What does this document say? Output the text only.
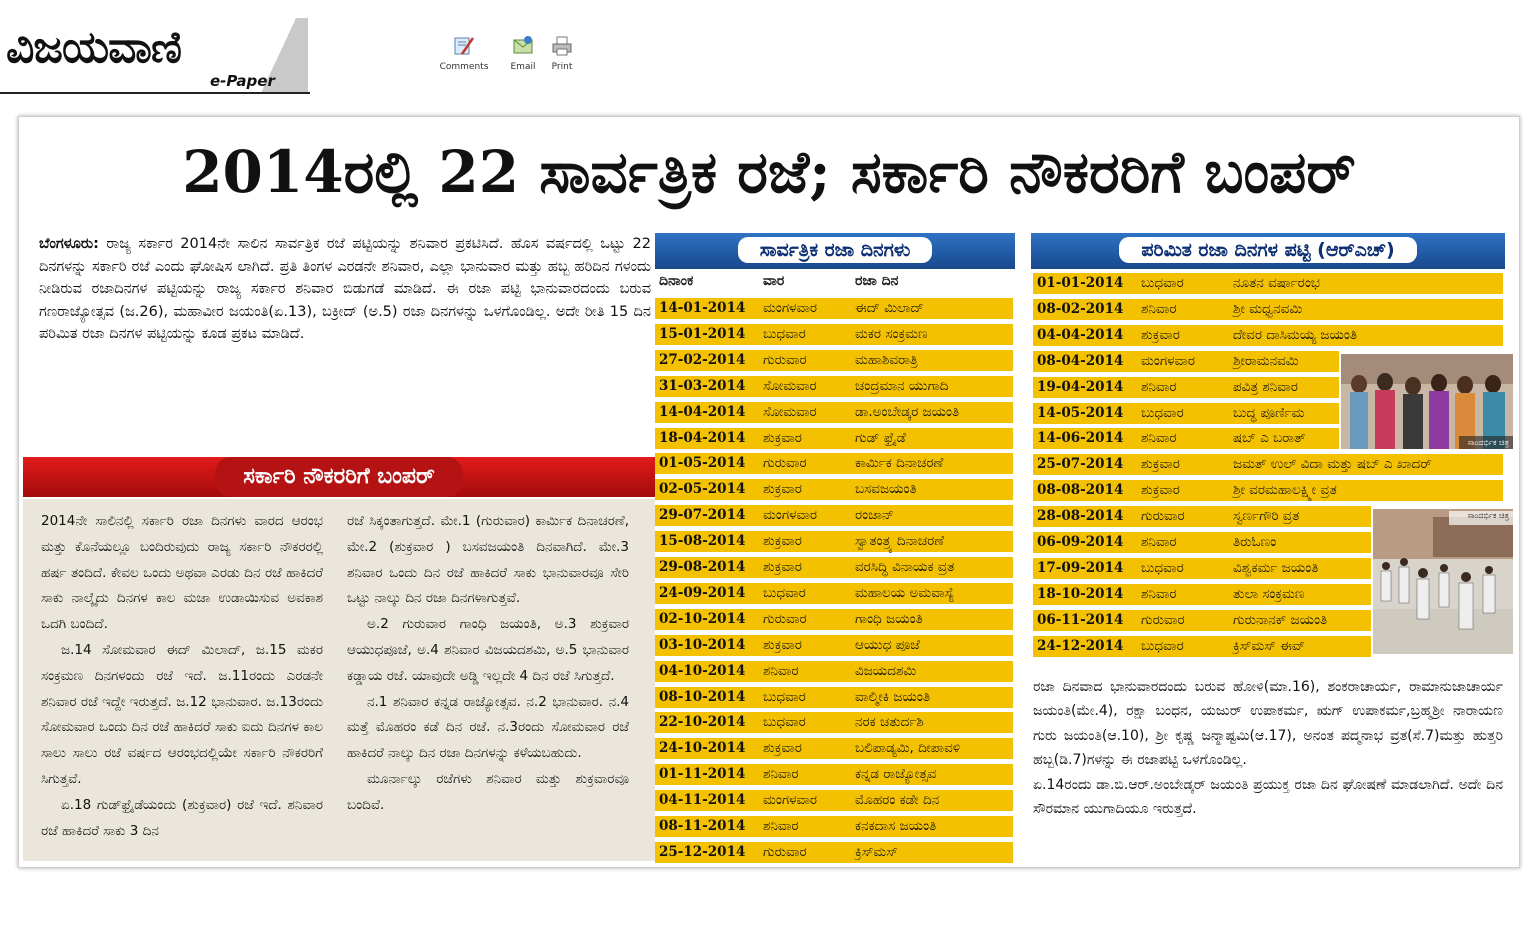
ವಿಜಯವಾಣಿ
e-Paper
Comments	Email	Print
2014ರಲ್ಲಿ 22 ಸಾರ್ವತ್ರಿಕ ರಜೆ; ಸರ್ಕಾರಿ ನೌಕರರಿಗೆ ಬಂಪರ್
ಬೆಂಗಳೂರು: ರಾಜ್ಯ ಸರ್ಕಾರ 2014ನೇ ಸಾಲಿನ ಸಾರ್ವತ್ರಿಕ ರಜೆ ಪಟ್ಟಿಯನ್ನು ಶನಿವಾರ ಪ್ರಕಟಿಸಿದೆ. ಹೊಸ ವರ್ಷದಲ್ಲಿ ಒಟ್ಟು 22 ದಿನಗಳನ್ನು ಸರ್ಕಾರಿ ರಜೆ ಎಂದು ಘೋಷಿಸ ಲಾಗಿದೆ. ಪ್ರತಿ ತಿಂಗಳ ಎರಡನೇ ಶನಿವಾರ, ಎಲ್ಲಾ ಭಾನುವಾರ ಮತ್ತು ಹಬ್ಬ ಹರಿದಿನ ಗಳಂದು ನೀಡಿರುವ ರಜಾದಿನಗಳ ಪಟ್ಟಿಯನ್ನು ರಾಜ್ಯ ಸರ್ಕಾರ ಶನಿವಾರ ಬಿಡುಗಡೆ ಮಾಡಿದೆ. ಈ ರಜಾ ಪಟ್ಟಿ ಭಾನುವಾರದಂದು ಬರುವ ಗಣರಾಜ್ಯೋತ್ಸವ (ಜ.26), ಮಹಾವೀರ ಜಯಂತಿ(ಏ.13), ಬಕ್ರೀದ್ (ಅ.5) ರಜಾ ದಿನಗಳನ್ನು ಒಳಗೊಂಡಿಲ್ಲ. ಅದೇ ರೀತಿ 15 ದಿನ ಪರಿಮಿತ ರಜಾ ದಿನಗಳ ಪಟ್ಟಿಯನ್ನು ಕೂಡ ಪ್ರಕಟ ಮಾಡಿದೆ.
ಸರ್ಕಾರಿ ನೌಕರರಿಗೆ ಬಂಪರ್

2014ನೇ ಸಾಲಿನಲ್ಲಿ ಸರ್ಕಾರಿ ರಜಾ ದಿನಗಳು ವಾರದ ಆರಂಭ ಮತ್ತು ಕೊನೆಯಲ್ಲೂ ಬಂದಿರುವುದು ರಾಜ್ಯ ಸರ್ಕಾರಿ ನೌಕರರಲ್ಲಿ ಹರ್ಷ ತಂದಿದೆ. ಕೇವಲ ಒಂದು ಅಥವಾ ಎರಡು ದಿನ ರಜೆ ಹಾಕಿದರೆ ಸಾಕು ನಾಲ್ಕೈದು ದಿನಗಳ ಕಾಲ ಮಜಾ ಉಡಾಯಿಸುವ ಅವಕಾಶ ಒದಗಿ ಬಂದಿದೆ.

ಜ.14 ಸೋಮವಾರ ಈದ್ ಮಿಲಾದ್, ಜ.15 ಮಕರ ಸಂಕ್ರಮಣ ದಿನಗಳಂದು ರಜೆ ಇದೆ. ಜ.11ರಂದು ಎರಡನೇ ಶನಿವಾರ ರಜೆ ಇದ್ದೇ ಇರುತ್ತದೆ. ಜ.12 ಭಾನುವಾರ. ಜ.13ರಂದು ಸೋಮವಾರ ಒಂದು ದಿನ ರಜೆ ಹಾಕಿದರೆ ಸಾಕು ಐದು ದಿನಗಳ ಕಾಲ ಸಾಲು ಸಾಲು ರಜೆ ವರ್ಷದ ಆರಂಭದಲ್ಲಿಯೇ ಸರ್ಕಾರಿ ನೌಕರರಿಗೆ ಸಿಗುತ್ತವೆ.

ಏ.18 ಗುಡ್‌ಫ್ರೈಡೆಯಂದು (ಶುಕ್ರವಾರ) ರಜೆ ಇದೆ. ಶನಿವಾರ ರಜೆ ಹಾಕಿದರೆ ಸಾಕು 3 ದಿನ

ರಜೆ ಸಿಕ್ಕಂತಾಗುತ್ತದೆ. ಮೇ.1 (ಗುರುವಾರ) ಕಾರ್ಮಿಕ ದಿನಾಚರಣೆ, ಮೇ.2 (ಶುಕ್ರವಾರ ) ಬಸವಜಯಂತಿ ದಿನವಾಗಿದೆ. ಮೇ.3 ಶನಿವಾರ ಒಂದು ದಿನ ರಜೆ ಹಾಕಿದರೆ ಸಾಕು ಭಾನುವಾರವೂ ಸೇರಿ ಒಟ್ಟು ನಾಲ್ಕು ದಿನ ರಜಾ ದಿನಗಳಾಗುತ್ತವೆ.

ಅ.2 ಗುರುವಾರ ಗಾಂಧಿ ಜಯಂತಿ, ಅ.3 ಶುಕ್ರವಾರ ಆಯುಧಪೂಜೆ, ಅ.4 ಶನಿವಾರ ವಿಜಯದಶಮಿ, ಅ.5 ಭಾನುವಾರ ಕಡ್ಡಾಯ ರಜೆ. ಯಾವುದೇ ಅಡ್ಡಿ ಇಲ್ಲದೇ 4 ದಿನ ರಜೆ ಸಿಗುತ್ತದೆ.

ನ.1 ಶನಿವಾರ ಕನ್ನಡ ರಾಜ್ಯೋತ್ಸವ. ನ.2 ಭಾನುವಾರ. ನ.4 ಮತ್ತೆ ಮೊಹರಂ ಕಡೆ ದಿನ ರಜೆ. ನ.3ರಂದು ಸೋಮವಾರ ರಜೆ ಹಾಕಿದರೆ ನಾಲ್ಕು ದಿನ ರಜಾ ದಿನಗಳನ್ನು ಕಳೆಯಬಹುದು.

ಮೂರ್ನಾಲ್ಕು ರಜೆಗಳು ಶನಿವಾರ ಮತ್ತು ಶುಕ್ರವಾರವೂ ಬಂದಿವೆ.

ಸಾರ್ವತ್ರಿಕ ರಜಾ ದಿನಗಳು
ದಿನಾಂಕ	ವಾರ	ರಜಾ ದಿನ
14-01-2014 ಮಂಗಳವಾರ	ಈದ್ ಮಿಲಾದ್
15-01-2014 ಬುಧವಾರ	ಮಕರ ಸಂಕ್ರಮಣ
27-02-2014 ಗುರುವಾರ	ಮಹಾಶಿವರಾತ್ರಿ
31-03-2014 ಸೋಮವಾರ	ಚಂದ್ರಮಾನ ಯುಗಾದಿ
14-04-2014 ಸೋಮವಾರ	ಡಾ.ಅಂಬೇಡ್ಕರ ಜಯಂತಿ
18-04-2014 ಶುಕ್ರವಾರ	ಗುಡ್ ಫ್ರೈಡೆ
01-05-2014 ಗುರುವಾರ	ಕಾರ್ಮಿಕ ದಿನಾಚರಣೆ
02-05-2014 ಶುಕ್ರವಾರ	ಬಸವಜಯಂತಿ
29-07-2014 ಮಂಗಳವಾರ	ರಂಜಾನ್
15-08-2014 ಶುಕ್ರವಾರ	ಸ್ವಾತಂತ್ರ್ಯ ದಿನಾಚರಣೆ
29-08-2014 ಶುಕ್ರವಾರ	ವರಸಿದ್ಧಿ ವಿನಾಯಕ ವ್ರತ
24-09-2014 ಬುಧವಾರ	ಮಹಾಲಯ ಅಮವಾಸ್ಯೆ
02-10-2014 ಗುರುವಾರ	ಗಾಂಧಿ ಜಯಂತಿ
03-10-2014 ಶುಕ್ರವಾರ	ಆಯುಧ ಪೂಜೆ
04-10-2014 ಶನಿವಾರ	ವಿಜಯದಶಮಿ
08-10-2014 ಬುಧವಾರ	ವಾಲ್ಮೀಕಿ ಜಯಂತಿ
22-10-2014 ಬುಧವಾರ	ನರಕ ಚತುರ್ದಶಿ
24-10-2014 ಶುಕ್ರವಾರ	ಬಲಿಪಾಡ್ಯಮಿ, ದೀಪಾವಳಿ
01-11-2014 ಶನಿವಾರ	ಕನ್ನಡ ರಾಜ್ಯೋತ್ಸವ
04-11-2014 ಮಂಗಳವಾರ	ಮೊಹರಂ ಕಡೇ ದಿನ
08-11-2014 ಶನಿವಾರ	ಕನಕದಾಸ ಜಯಂತಿ
25-12-2014 ಗುರುವಾರ	ಕ್ರಿಸ್‌ಮಸ್
ಪರಿಮಿತ ರಜಾ ದಿನಗಳ ಪಟ್ಟಿ (ಆರ್‌ಎಚ್)
01-01-2014 ಬುಧವಾರ	ನೂತನ ವರ್ಷಾರಂಭ
08-02-2014 ಶನಿವಾರ	ಶ್ರೀ ಮಧ್ವನವಮಿ
04-04-2014 ಶುಕ್ರವಾರ	ದೇವರ ದಾಸಿಮಯ್ಯ ಜಯಂತಿ
08-04-2014 ಮಂಗಳವಾರ	ಶ್ರೀರಾಮನವಮಿ
19-04-2014 ಶನಿವಾರ	ಪವಿತ್ರ ಶನಿವಾರ
14-05-2014 ಬುಧವಾರ	ಬುದ್ಧ ಪೂರ್ಣಿಮ
14-06-2014 ಶನಿವಾರ	ಷಬ್ ಎ ಬರಾತ್
25-07-2014 ಶುಕ್ರವಾರ	ಜಮತ್ ಉಲ್ ವಿದಾ ಮತ್ತು ಷಬ್ ಎ ಖಾದರ್
08-08-2014 ಶುಕ್ರವಾರ	ಶ್ರೀ ವರಮಹಾಲಕ್ಷ್ಮೀ ವ್ರತ
28-08-2014 ಗುರುವಾರ	ಸ್ವರ್ಣಗೌರಿ ವ್ರತ
06-09-2014 ಶನಿವಾರ	ತಿರುಓಣಂ
17-09-2014 ಬುಧವಾರ	ವಿಶ್ವಕರ್ಮ ಜಯಂತಿ
18-10-2014 ಶನಿವಾರ	ತುಲಾ ಸಂಕ್ರಮಣ
06-11-2014 ಗುರುವಾರ	ಗುರುನಾನಕ್ ಜಯಂತಿ
24-12-2014 ಬುಧವಾರ	ಕ್ರಿಸ್‌ಮಸ್ ಈವ್
ಸಾಂದರ್ಭಿಕ ಚಿತ್ರ
ಸಾಂದರ್ಭಿಕ ಚಿತ್ರ
ರಜಾ ದಿನವಾದ ಭಾನುವಾರದಂದು ಬರುವ ಹೋಳಿ(ಮಾ.16), ಶಂಕರಾಚಾರ್ಯ, ರಾಮಾನುಜಾಚಾರ್ಯ ಜಯಂತಿ(ಮೇ.4), ರಕ್ಷಾ ಬಂಧನ, ಯಜುರ್ ಉಪಾಕರ್ಮ, ಋಗ್ ಉಪಾಕರ್ಮ,ಬ್ರಹ್ಮಶ್ರೀ ನಾರಾಯಣ ಗುರು ಜಯಂತಿ(ಆ.10), ಶ್ರೀ ಕೃಷ್ಣ ಜನ್ಮಾಷ್ಟಮಿ(ಆ.17), ಅನಂತ ಪದ್ಮನಾಭ ವ್ರತ(ಸೆ.7)ಮತ್ತು ಹುತ್ತರಿ ಹಬ್ಬ(ಡಿ.7)ಗಳನ್ನು ಈ ರಜಾಪಟ್ಟಿ ಒಳಗೊಂಡಿಲ್ಲ.
ಏ.14ರಂದು ಡಾ.ಬಿ.ಆರ್.ಅಂಬೇಡ್ಕರ್ ಜಯಂತಿ ಪ್ರಯುಕ್ತ ರಜಾ ದಿನ ಘೋಷಣೆ ಮಾಡಲಾಗಿದೆ. ಅದೇ ದಿನ ಸೌರಮಾನ ಯುಗಾದಿಯೂ ಇರುತ್ತದೆ.
